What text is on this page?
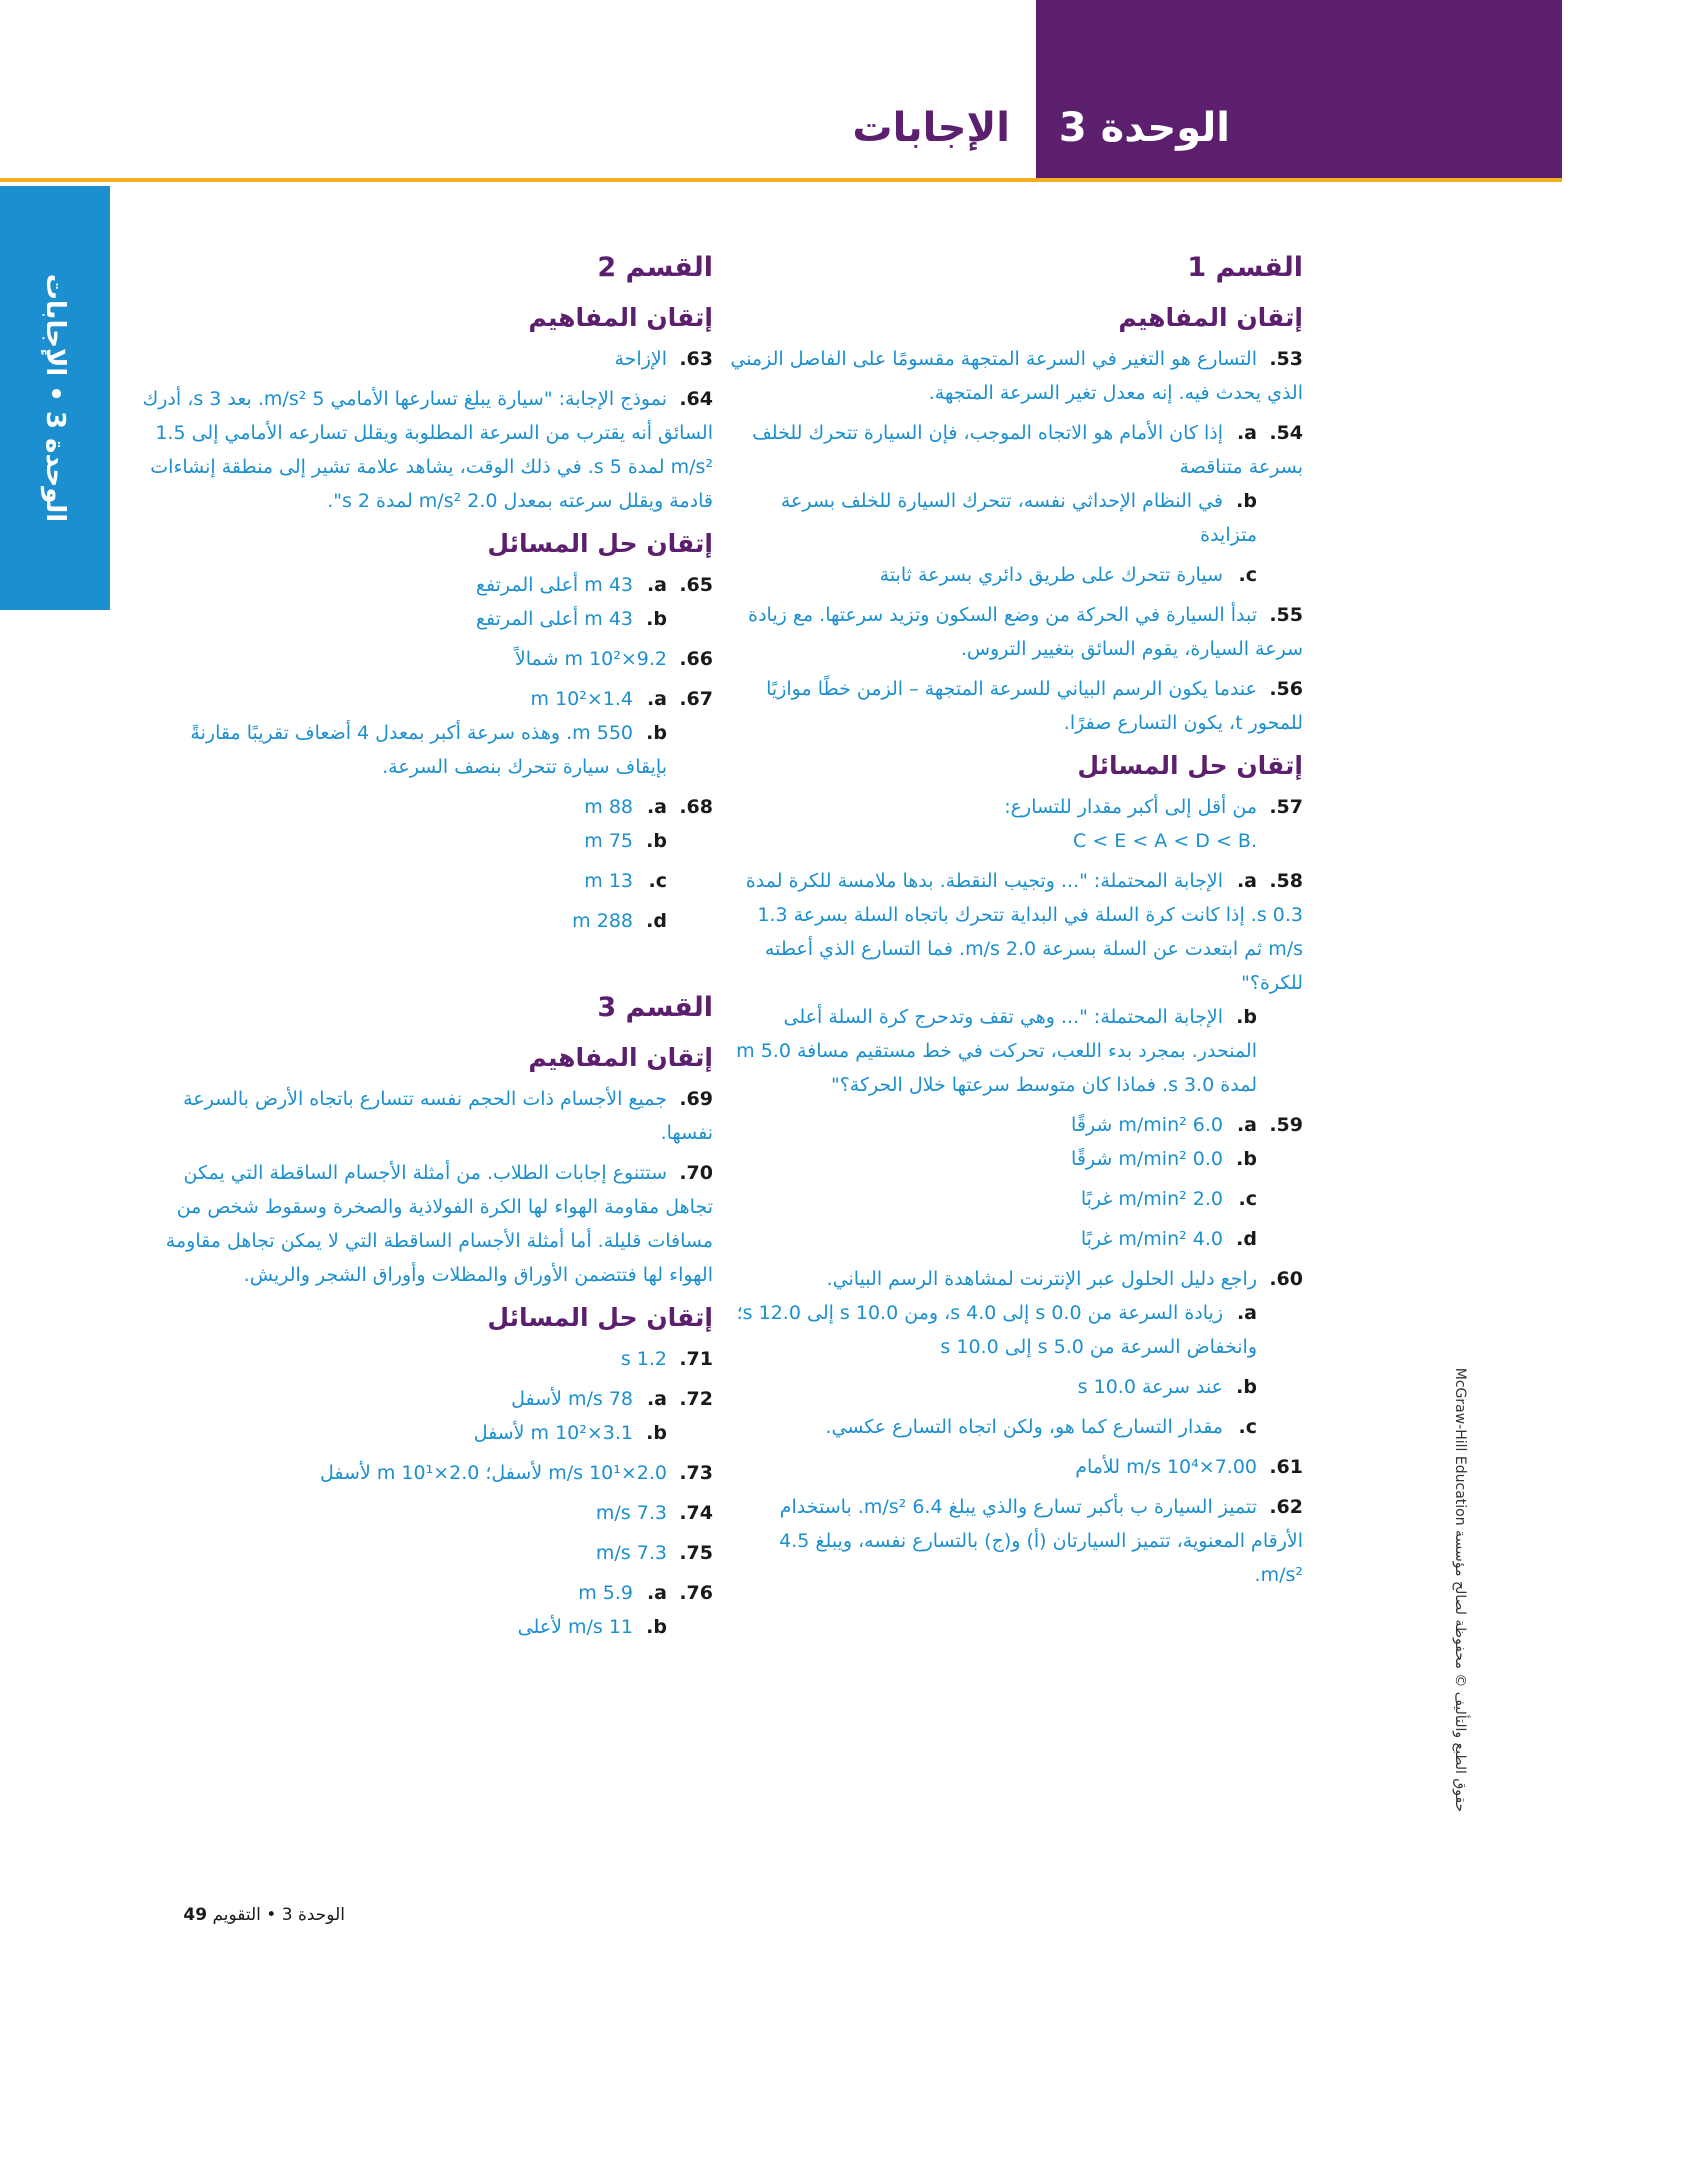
الوحدة 3
الإجابات
الوحدة 3 • الإجابات
حقوق الطبع والتأليف © محفوظة لصالح مؤسسة McGraw-Hill Education
القسم 1
إتقان المفاهيم
53.التسارع هو التغير في السرعة المتجهة مقسومًا على الفاصل الزمني الذي يحدث فيه. إنه معدل تغير السرعة المتجهة.
54.a.إذا كان الأمام هو الاتجاه الموجب، فإن السيارة تتحرك للخلف بسرعة متناقصة
b.في النظام الإحداثي نفسه، تتحرك السيارة للخلف بسرعة متزايدة
c.سيارة تتحرك على طريق دائري بسرعة ثابتة
55.تبدأ السيارة في الحركة من وضع السكون وتزيد سرعتها. مع زيادة سرعة السيارة، يقوم السائق بتغيير التروس.
56.عندما يكون الرسم البياني للسرعة المتجهة – الزمن خطًا موازيًا للمحور t، يكون التسارع صفرًا.
إتقان حل المسائل
57.من أقل إلى أكبر مقدار للتسارع:
C < E < A < D < B.
58.a.الإجابة المحتملة: "... وتجيب النقطة. بدها ملامسة للكرة لمدة 0.3 s. إذا كانت كرة السلة في البداية تتحرك باتجاه السلة بسرعة 1.3 m/s ثم ابتعدت عن السلة بسرعة 2.0 m/s. فما التسارع الذي أعطته للكرة؟"
b.الإجابة المحتملة: "... وهي تقف وتدحرج كرة السلة أعلى المنحدر. بمجرد بدء اللعب، تحركت في خط مستقيم مسافة 5.0 m لمدة 3.0 s. فماذا كان متوسط سرعتها خلال الحركة؟"
59.a.6.0 m/min² شرقًا
b.0.0 m/min² شرقًا
c.2.0 m/min² غربًا
d.4.0 m/min² غربًا
60.راجع دليل الحلول عبر الإنترنت لمشاهدة الرسم البياني.
a.زيادة السرعة من 0.0 s إلى 4.0 s، ومن 10.0 s إلى 12.0 s؛ وانخفاض السرعة من 5.0 s إلى 10.0 s
b.عند سرعة 10.0 s
c.مقدار التسارع كما هو، ولكن اتجاه التسارع عكسي.
61.7.00×10⁴ m/s للأمام
62.تتميز السيارة ب بأكبر تسارع والذي يبلغ 6.4 m/s². باستخدام الأرقام المعنوية، تتميز السيارتان (أ) و(ج) بالتسارع نفسه، ويبلغ 4.5 m/s².
القسم 2
إتقان المفاهيم
63.الإزاحة
64.نموذج الإجابة: "سيارة يبلغ تسارعها الأمامي 5 m/s². بعد 3 s، أدرك السائق أنه يقترب من السرعة المطلوبة ويقلل تسارعه الأمامي إلى 1.5 m/s² لمدة 5 s. في ذلك الوقت، يشاهد علامة تشير إلى منطقة إنشاءات قادمة ويقلل سرعته بمعدل 2.0 m/s² لمدة 2 s".
إتقان حل المسائل
65.a.43 m أعلى المرتفع
b.43 m أعلى المرتفع
66.9.2×10² m شمالاً
67.a.1.4×10² m
b.550 m. وهذه سرعة أكبر بمعدل 4 أضعاف تقريبًا مقارنةً بإيقاف سيارة تتحرك بنصف السرعة.
68.a.88 m
b.75 m
c.13 m
d.288 m
القسم 3
إتقان المفاهيم
69.جميع الأجسام ذات الحجم نفسه تتسارع باتجاه الأرض بالسرعة نفسها.
70.ستتنوع إجابات الطلاب. من أمثلة الأجسام الساقطة التي يمكن تجاهل مقاومة الهواء لها الكرة الفولاذية والصخرة وسقوط شخص من مسافات قليلة. أما أمثلة الأجسام الساقطة التي لا يمكن تجاهل مقاومة الهواء لها فتتضمن الأوراق والمظلات وأوراق الشجر والريش.
إتقان حل المسائل
71.1.2 s
72.a.78 m/s لأسفل
b.3.1×10² m لأسفل
73.2.0×10¹ m/s لأسفل؛ 2.0×10¹ m لأسفل
74.7.3 m/s
75.7.3 m/s
76.a.5.9 m
b.11 m/s لأعلى
الوحدة 3 • التقويم 49
